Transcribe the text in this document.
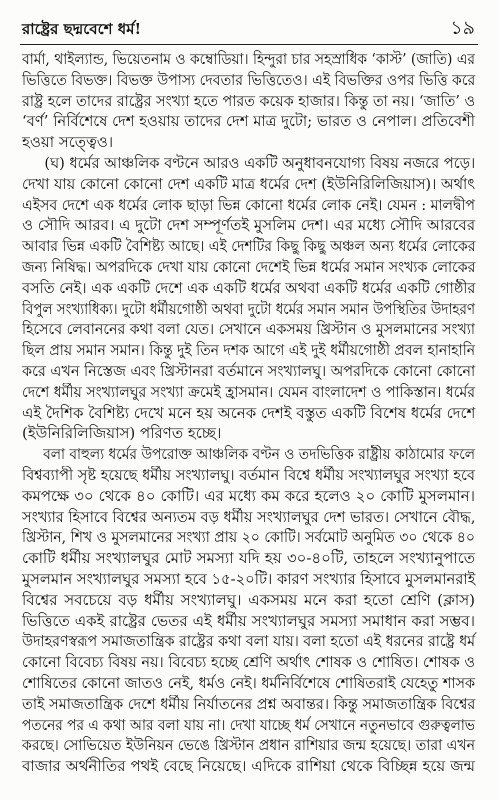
রাষ্ট্রের ছদ্মবেশে ধর্ম!	১৯
বার্মা, থাইল্যান্ড, ভিয়েতনাম ও কম্বোডিয়া। হিন্দুরা চার সহস্রাধিক ‘কাস্ট’ (জাতি) এর
ভিত্তিতে বিভক্ত। বিভক্ত উপাস্য দেবতার ভিত্তিতেও। এই বিভক্তির ওপর ভিত্তি করে
রাষ্ট্র হলে তাদের রাষ্ট্রের সংখ্যা হতে পারত কয়েক হাজার। কিন্তু তা নয়। ‘জাতি’ ও
‘বর্ণ’ নির্বিশেষে দেশ হওয়ায় তাদের দেশ মাত্র দুটো; ভারত ও নেপাল। প্রতিবেশী
হওয়া সত্ত্বেও।
(ঘ) ধর্মের আঞ্চলিক বণ্টনে আরও একটি অনুধাবনযোগ্য বিষয় নজরে পড়ে।
দেখা যায় কোনো কোনো দেশ একটি মাত্র ধর্মের দেশ (ইউনিরিলিজিয়াস)। অর্থাৎ
এইসব দেশে এক ধর্মের লোক ছাড়া ভিন্ন কোনো ধর্মের লোক নেই। যেমন : মালদ্বীপ
ও সৌদি আরব। এ দুটো দেশ সম্পূর্ণতই মুসলিম দেশ। এর মধ্যে সৌদি আরবের
আবার ভিন্ন একটি বৈশিষ্ট্য আছে। এই দেশটির কিছু কিছু অঞ্চল অন্য ধর্মের লোকের
জন্য নিষিদ্ধ। অপরদিকে দেখা যায় কোনো দেশেই ভিন্ন ধর্মের সমান সংখ্যক লোকের
বসতি নেই। এক একটি দেশে এক একটি ধর্মের অথবা একটি ধর্মের একটি গোষ্ঠীর
বিপুল সংখ্যাধিক্য। দুটো ধর্মীয়গোষ্ঠী অথবা দুটো ধর্মের সমান সমান উপস্থিতির উদাহরণ
হিসেবে লেবাননের কথা বলা যেত। সেখানে একসময় খ্রিস্টান ও মুসলমানের সংখ্যা
ছিল প্রায় সমান সমান। কিন্তু দুই তিন দশক আগে এই দুই ধর্মীয়গোষ্ঠী প্রবল হানাহানি
করে এখন নিস্তেজ এবং খ্রিস্টানরা বর্তমানে সংখ্যালঘু। অপরদিকে কোনো কোনো
দেশে ধর্মীয় সংখ্যালঘুর সংখ্যা ক্রমেই হ্রাসমান। যেমন বাংলাদেশ ও পাকিস্তান। ধর্মের
এই দৈশিক বৈশিষ্ট্য দেখে মনে হয় অনেক দেশই বস্তুত একটি বিশেষ ধর্মের দেশে
(ইউনিরিলিজিয়াস) পরিণত হচ্ছে।
বলা বাহুল্য ধর্মের উপরোক্ত আঞ্চলিক বণ্টন ও তদভিত্তিক রাষ্ট্রীয় কাঠামোর ফলে
বিশ্বব্যাপী সৃষ্ট হয়েছে ধর্মীয় সংখ্যালঘু। বর্তমান বিশ্বে ধর্মীয় সংখ্যালঘুর সংখ্যা হবে
কমপক্ষে ৩০ থেকে ৪০ কোটি। এর মধ্যে কম করে হলেও ২০ কোটি মুসলমান।
সংখ্যার হিসাবে বিশ্বের অন্যতম বড় ধর্মীয় সংখ্যালঘুর দেশ ভারত। সেখানে বৌদ্ধ,
খ্রিস্টান, শিখ ও মুসলমানের সংখ্যা প্রায় ২০ কোটি। সর্বমোট অনুমিত ৩০ থেকে ৪০
কোটি ধর্মীয় সংখ্যালঘুর মোট সমস্যা যদি হয় ৩০-৪০টি, তাহলে সংখ্যানুপাতে
মুসলমান সংখ্যালঘুর সমস্যা হবে ১৫-২০টি। কারণ সংখ্যার হিসাবে মুসলমানরাই
বিশ্বের সবচেয়ে বড় ধর্মীয় সংখ্যালঘু। একসময় মনে করা হতো শ্রেণি (ক্লাস)
ভিত্তিতে একই রাষ্ট্রের ভেতর এই ধর্মীয় সংখ্যালঘুর সমস্যা সমাধান করা সম্ভব।
উদাহরণস্বরূপ সমাজতান্ত্রিক রাষ্ট্রের কথা বলা যায়। বলা হতো এই ধরনের রাষ্ট্রে ধর্ম
কোনো বিবেচ্য বিষয় নয়। বিবেচ্য হচ্ছে শ্রেণি অর্থাৎ শোষক ও শোষিত। শোষক ও
শোষিতের কোনো জাতও নেই, ধর্মও নেই। ধর্মনির্বিশেষে শোষিতরাই যেহেতু শাসক
তাই সমাজতান্ত্রিক দেশে ধর্মীয় নির্যাতনের প্রশ্ন অবান্তর। কিন্তু সমাজতান্ত্রিক বিশ্বের
পতনের পর এ কথা আর বলা যায় না। দেখা যাচ্ছে ধর্ম সেখানে নতুনভাবে গুরুত্বলাভ
করছে। সোভিয়েত ইউনিয়ন ভেঙে খ্রিস্টান প্রধান রাশিয়ার জন্ম হয়েছে। তারা এখন
বাজার অর্থনীতির পথই বেছে নিয়েছে। এদিকে রাশিয়া থেকে বিচ্ছিন্ন হয়ে জন্ম
